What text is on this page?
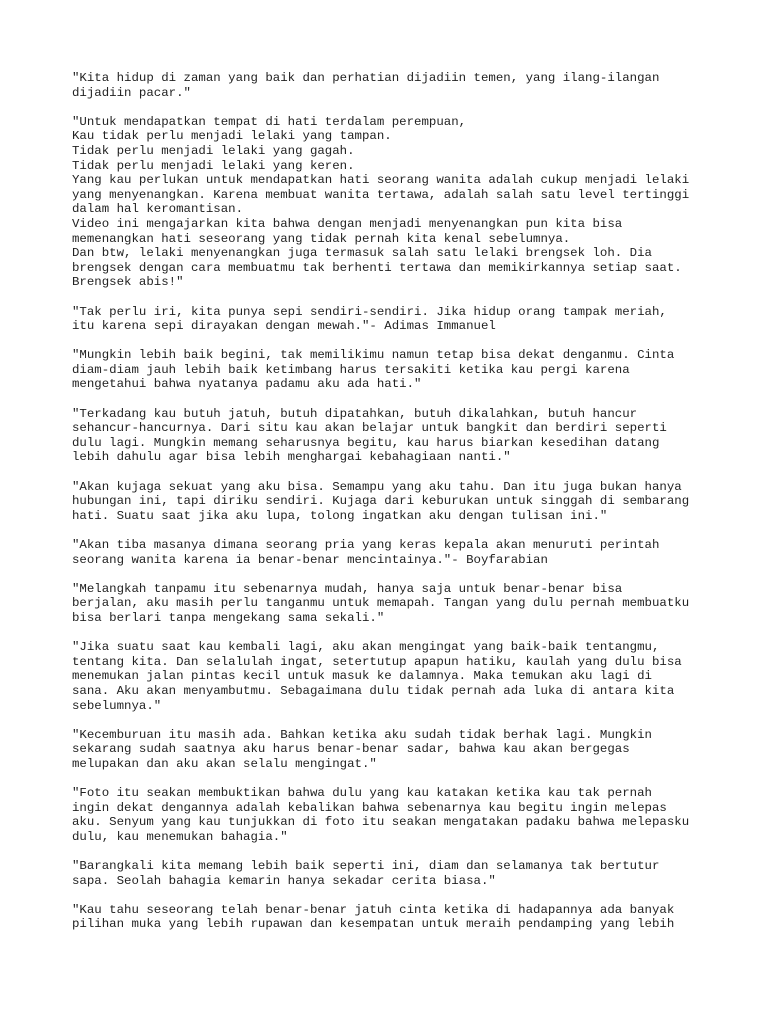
"Kita hidup di zaman yang baik dan perhatian dijadiin temen, yang ilang-ilangan
dijadiin pacar."
"Untuk mendapatkan tempat di hati terdalam perempuan,
Kau tidak perlu menjadi lelaki yang tampan.
Tidak perlu menjadi lelaki yang gagah.
Tidak perlu menjadi lelaki yang keren.
Yang kau perlukan untuk mendapatkan hati seorang wanita adalah cukup menjadi lelaki
yang menyenangkan. Karena membuat wanita tertawa, adalah salah satu level tertinggi
dalam hal keromantisan.
Video ini mengajarkan kita bahwa dengan menjadi menyenangkan pun kita bisa
memenangkan hati seseorang yang tidak pernah kita kenal sebelumnya.
Dan btw, lelaki menyenangkan juga termasuk salah satu lelaki brengsek loh. Dia
brengsek dengan cara membuatmu tak berhenti tertawa dan memikirkannya setiap saat.
Brengsek abis!"
"Tak perlu iri, kita punya sepi sendiri-sendiri. Jika hidup orang tampak meriah,
itu karena sepi dirayakan dengan mewah."- Adimas Immanuel
"Mungkin lebih baik begini, tak memilikimu namun tetap bisa dekat denganmu. Cinta
diam-diam jauh lebih baik ketimbang harus tersakiti ketika kau pergi karena
mengetahui bahwa nyatanya padamu aku ada hati."
"Terkadang kau butuh jatuh, butuh dipatahkan, butuh dikalahkan, butuh hancur
sehancur-hancurnya. Dari situ kau akan belajar untuk bangkit dan berdiri seperti
dulu lagi. Mungkin memang seharusnya begitu, kau harus biarkan kesedihan datang
lebih dahulu agar bisa lebih menghargai kebahagiaan nanti."
"Akan kujaga sekuat yang aku bisa. Semampu yang aku tahu. Dan itu juga bukan hanya
hubungan ini, tapi diriku sendiri. Kujaga dari keburukan untuk singgah di sembarang
hati. Suatu saat jika aku lupa, tolong ingatkan aku dengan tulisan ini."
"Akan tiba masanya dimana seorang pria yang keras kepala akan menuruti perintah
seorang wanita karena ia benar-benar mencintainya."- Boyfarabian
"Melangkah tanpamu itu sebenarnya mudah, hanya saja untuk benar-benar bisa
berjalan, aku masih perlu tanganmu untuk memapah. Tangan yang dulu pernah membuatku
bisa berlari tanpa mengekang sama sekali."
"Jika suatu saat kau kembali lagi, aku akan mengingat yang baik-baik tentangmu,
tentang kita. Dan selalulah ingat, setertutup apapun hatiku, kaulah yang dulu bisa
menemukan jalan pintas kecil untuk masuk ke dalamnya. Maka temukan aku lagi di
sana. Aku akan menyambutmu. Sebagaimana dulu tidak pernah ada luka di antara kita
sebelumnya."
"Kecemburuan itu masih ada. Bahkan ketika aku sudah tidak berhak lagi. Mungkin
sekarang sudah saatnya aku harus benar-benar sadar, bahwa kau akan bergegas
melupakan dan aku akan selalu mengingat."
"Foto itu seakan membuktikan bahwa dulu yang kau katakan ketika kau tak pernah
ingin dekat dengannya adalah kebalikan bahwa sebenarnya kau begitu ingin melepas
aku. Senyum yang kau tunjukkan di foto itu seakan mengatakan padaku bahwa melepasku
dulu, kau menemukan bahagia."
"Barangkali kita memang lebih baik seperti ini, diam dan selamanya tak bertutur
sapa. Seolah bahagia kemarin hanya sekadar cerita biasa."
"Kau tahu seseorang telah benar-benar jatuh cinta ketika di hadapannya ada banyak
pilihan muka yang lebih rupawan dan kesempatan untuk meraih pendamping yang lebih
